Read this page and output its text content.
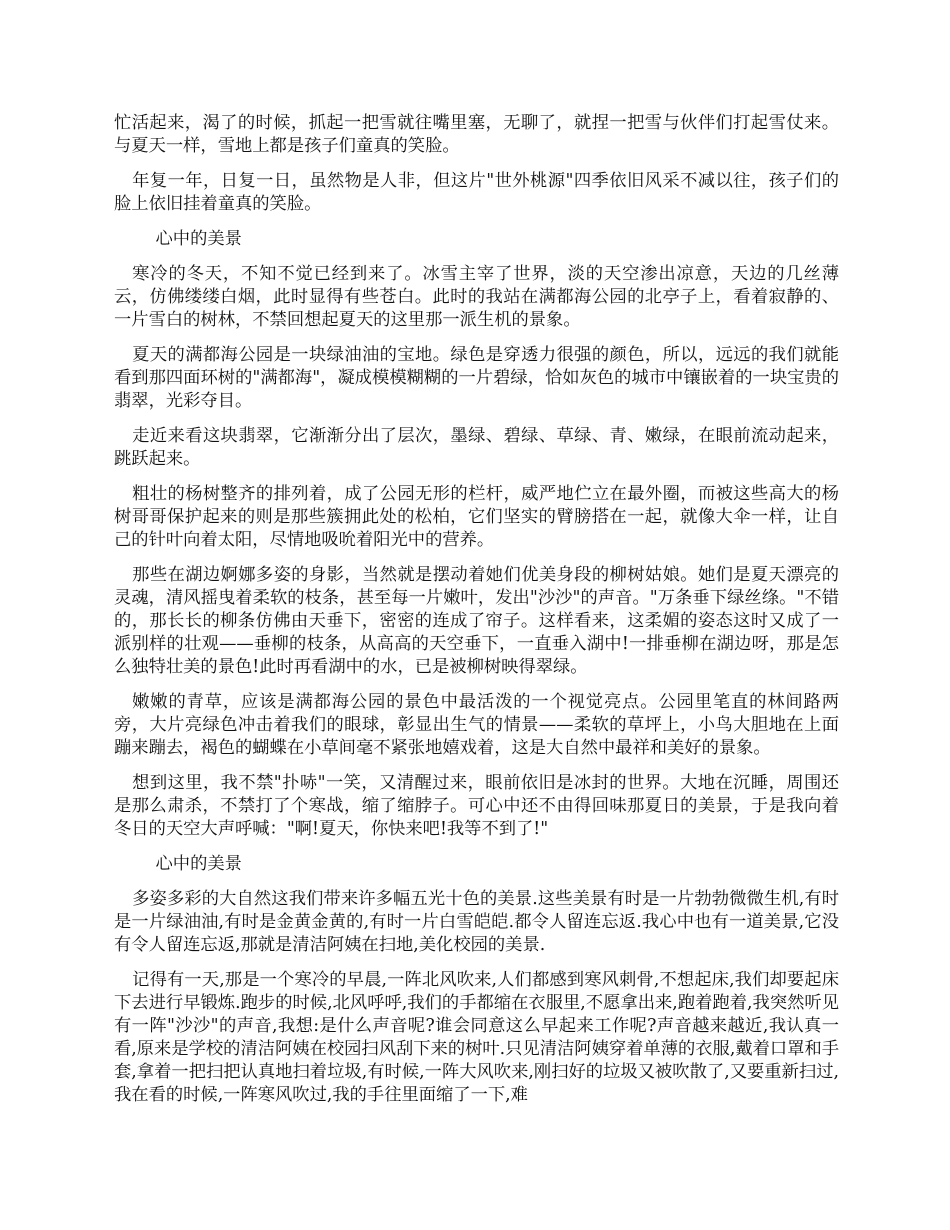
忙活起来，渴了的时候，抓起一把雪就往嘴里塞，无聊了，就捏一把雪与伙伴们打起雪仗来。与夏天一样，雪地上都是孩子们童真的笑脸。

年复一年，日复一日，虽然物是人非，但这片"世外桃源"四季依旧风采不减以往，孩子们的脸上依旧挂着童真的笑脸。

心中的美景

寒冷的冬天，不知不觉已经到来了。冰雪主宰了世界，淡的天空渗出凉意，天边的几丝薄云，仿佛缕缕白烟，此时显得有些苍白。此时的我站在满都海公园的北亭子上，看着寂静的、一片雪白的树林，不禁回想起夏天的这里那一派生机的景象。

夏天的满都海公园是一块绿油油的宝地。绿色是穿透力很强的颜色，所以，远远的我们就能看到那四面环树的"满都海"，凝成模模糊糊的一片碧绿，恰如灰色的城市中镶嵌着的一块宝贵的翡翠，光彩夺目。

走近来看这块翡翠，它渐渐分出了层次，墨绿、碧绿、草绿、青、嫩绿，在眼前流动起来，跳跃起来。

粗壮的杨树整齐的排列着，成了公园无形的栏杆，威严地伫立在最外圈，而被这些高大的杨树哥哥保护起来的则是那些簇拥此处的松柏，它们坚实的臂膀搭在一起，就像大伞一样，让自己的针叶向着太阳，尽情地吸吮着阳光中的营养。

那些在湖边婀娜多姿的身影，当然就是摆动着她们优美身段的柳树姑娘。她们是夏天漂亮的灵魂，清风摇曳着柔软的枝条，甚至每一片嫩叶，发出"沙沙"的声音。"万条垂下绿丝绦。"不错的，那长长的柳条仿佛由天垂下，密密的连成了帘子。这样看来，这柔媚的姿态这时又成了一派别样的壮观——垂柳的枝条，从高高的天空垂下，一直垂入湖中!一排垂柳在湖边呀，那是怎么独特壮美的景色!此时再看湖中的水，已是被柳树映得翠绿。

嫩嫩的青草，应该是满都海公园的景色中最活泼的一个视觉亮点。公园里笔直的林间路两旁，大片亮绿色冲击着我们的眼球，彰显出生气的情景——柔软的草坪上，小鸟大胆地在上面蹦来蹦去，褐色的蝴蝶在小草间毫不紧张地嬉戏着，这是大自然中最祥和美好的景象。

想到这里，我不禁"扑哧"一笑，又清醒过来，眼前依旧是冰封的世界。大地在沉睡，周围还是那么肃杀，不禁打了个寒战，缩了缩脖子。可心中还不由得回味那夏日的美景，于是我向着冬日的天空大声呼喊："啊!夏天，你快来吧!我等不到了!"

心中的美景

多姿多彩的大自然这我们带来许多幅五光十色的美景.这些美景有时是一片勃勃微微生机,有时是一片绿油油,有时是金黄金黄的,有时一片白雪皑皑.都令人留连忘返.我心中也有一道美景,它没有令人留连忘返,那就是清洁阿姨在扫地,美化校园的美景.

记得有一天,那是一个寒冷的早晨,一阵北风吹来,人们都感到寒风刺骨,不想起床,我们却要起床下去进行早锻炼.跑步的时候,北风呼呼,我们的手都缩在衣服里,不愿拿出来,跑着跑着,我突然听见有一阵"沙沙"的声音,我想:是什么声音呢?谁会同意这么早起来工作呢?声音越来越近,我认真一看,原来是学校的清洁阿姨在校园扫风刮下来的树叶.只见清洁阿姨穿着单薄的衣服,戴着口罩和手套,拿着一把扫把认真地扫着垃圾,有时候,一阵大风吹来,刚扫好的垃圾又被吹散了,又要重新扫过,我在看的时候,一阵寒风吹过,我的手往里面缩了一下,难
